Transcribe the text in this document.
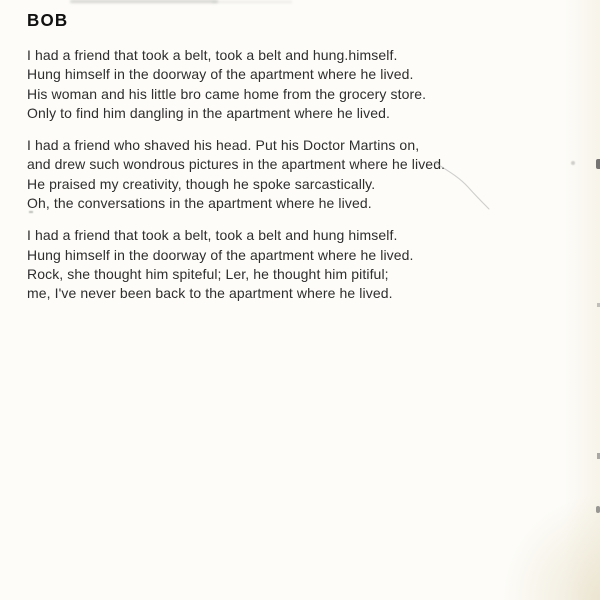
BOB
I had a friend that took a belt, took a belt and hung.himself.
Hung himself in the doorway of the apartment where he lived.
His woman and his little bro came home from the grocery store.
Only to find him dangling in the apartment where he lived.
I had a friend who shaved his head. Put his Doctor Martins on,
and drew such wondrous pictures in the apartment where he lived.
He praised my creativity, though he spoke sarcastically.
Oh, the conversations in the apartment where he lived.
I had a friend that took a belt, took a belt and hung himself.
Hung himself in the doorway of the apartment where he lived.
Rock, she thought him spiteful; Ler, he thought him pitiful;
me, I've never been back to the apartment where he lived.
